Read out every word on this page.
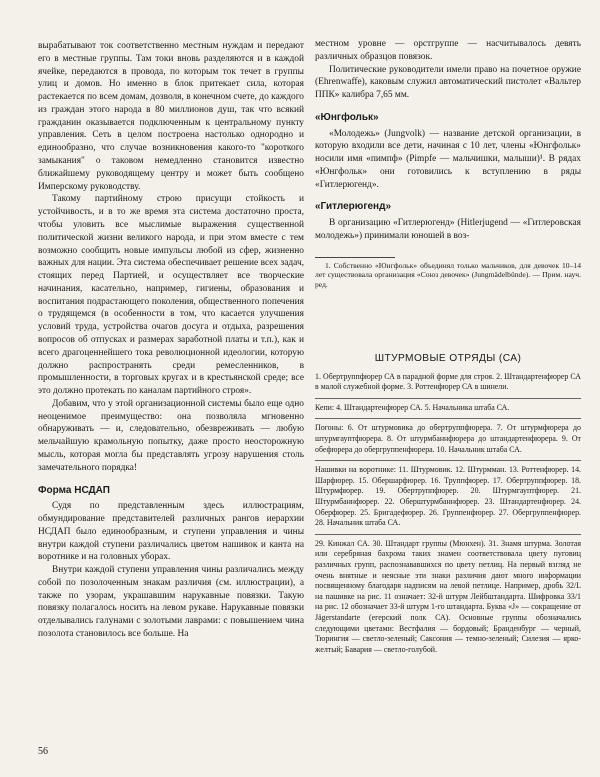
вырабатывают ток соответственно местным нуждам и передают его в местные группы. Там токи вновь разделяются и в каждой ячейке, передаются в провода, по которым ток течет в группы улиц и домов. Но именно в блок притекает сила, которая растекается по всем домам, дозволя, в конечном счете, до каждого из граждан этого народа в 80 миллионов душ, так что всякий гражданин оказывается подключенным к центральному пункту управления. Сеть в целом построена настолько однородно и единообразно, что случае возникновения какого-то "короткого замыкания" о таковом немедленно становится известно ближайшему руководящему центру и может быть сообщено Имперскому руководству.

Такому партийному строю присущи стойкость и устойчивость, и в то же время эта система достаточно проста, чтобы уловить все мыслимые выражения существенной политической жизни великого народа, и при этом вместе с тем возможно сообщить новые импульсы любой из сфер, жизненно важных для нации. Эта система обеспечивает решение всех задач, стоящих перед Партией, и осуществляет все творческие начинания, касательно, например, гигиены, образования и воспитания подрастающего поколения, общественного попечения о трудящемся (в особенности в том, что касается улучшения условий труда, устройства очагов досуга и отдыха, разрешения вопросов об отпусках и размерах заработной платы и т.п.), как и всего драгоценнейшего тока революционной идеологии, которую должно распространять среди ремесленников, в промышленности, в торговых кругах и в крестьянской среде; все это должно протекать по каналам партийного строя».

Добавим, что у этой организационной системы было еще одно неоценимое преимущество: она позволяла мгновенно обнаруживать — и, следовательно, обезвреживать — любую мельчайшую крамольную попытку, даже просто неосторожную мысль, которая могла бы представлять угрозу нарушения столь замечательного порядка!

Форма НСДАП

Судя по представленным здесь иллюстрациям, обмундирование представителей различных рангов иерархии НСДАП было единообразным, и ступени управления и чины внутри каждой ступени различались цветом нашивок и канта на воротнике и на головных уборах.

Внутри каждой ступени управления чины различались между собой по позолоченным знакам различия (см. иллюстрации), а также по узорам, украшавшим нарукавные повязки. Такую повязку полагалось носить на левом рукаве. Нарукавные повязки отделывались галунами с золотыми лаврами: с повышением чина позолота становилось все больше. На

местном уровне — орстгруппе — насчитывалось девять различных образцов повязок.

Политические руководители имели право на почетное оружие (Ehrenwaffe), каковым служил автоматический пистолет «Вальтер ППК» калибра 7,65 мм.

«Юнгфольк»

«Молодежь» (Jungvolk) — название детской организации, в которую входили все дети, начиная с 10 лет, члены «Юнгфольк» носили имя «пимпф» (Pimpfe — мальчишки, малыши)¹. В рядах «Юнгфольк» они готовились к вступлению в ряды «Гитлерюгенд».

«Гитлерюгенд»

В организацию «Гитлерюгенд» (Hitlerjugend — «Гитлеровская молодежь») принимали юношей в воз-

1. Собственно «Юнгфольк» объединял только мальчиков, для девочек 10–14 лет существовала организация «Союз девочек» (Jungmädelbünde). — Прим. науч. ред.

ШТУРМОВЫЕ ОТРЯДЫ (СА)

1. Обертруппфюрер СА в парадной форме для строя. 2. Штандартенфюрер СА в малой служебной форме. 3. Роттенфюрер СА в шинели.

Кепи: 4. Штандартенфюрер СА. 5. Начальника штаба СА.

Погоны: 6. От штурмовика до обертруппфюрера. 7. От штурмфюрера до штурмгауптфюрера. 8. От штурмбаннфюрера до штандартенфюрера. 9. От обефюрера до обергруппенфюрера. 10. Начальник штаба СА.

Нашивки на воротнике: 11. Штурмовик. 12. Штурмман. 13. Роттенфюрер. 14. Шарфюрер. 15. Обершарфюрер. 16. Труппфюрер. 17. Обертруппфюрер. 18. Штурмфюрер. 19. Обертруппфюрер. 20. Штурмгауптфюрер. 21. Штурмбаннфюрер. 22. Оберштурмбаннфюрер. 23. Штандартенфюрер. 24. Оберфюрер. 25. Бригадефюрер. 26. Группенфюрер. 27. Обергруппенфюрер. 28. Начальник штаба СА.

29. Кинжал СА. 30. Штандарт группы (Мюнхен). 31. Знамя штурма. Золотая или серебряная бахрома таких знамен соответствовала цвету пуговиц различных групп, распознававшихся по цвету петлиц. На первый взгляд не очень внятные и неясные эти знаки различия дают много информации посвященному благодаря надписям на левой петлице. Например, дробь 32/L на пашивке на рис. 11 означает: 32-й штурм Лейбштандарта. Шифровка 33/1 на рис. 12 обозначает 33-й штурм 1-го штандарта. Буква «J» — сокращение от Jägerstandarte (егерский полк СА). Основные группы обозначались следующими цветами: Вестфалия — бордовый; Бранденбург — черный, Тюрингия — светло-зеленый; Саксония — темно-зеленый; Силезия — ярко-желтый; Бавария — светло-голубой.

56
